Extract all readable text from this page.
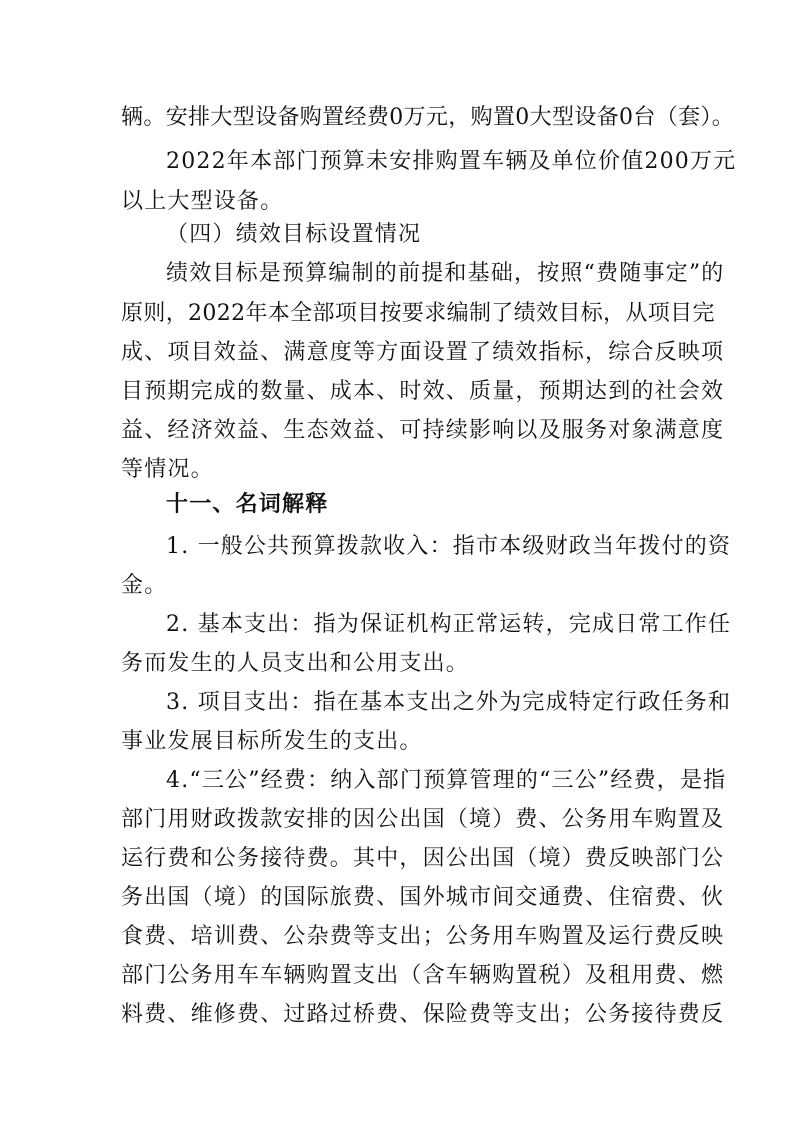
辆。安排大型设备购置经费0万元，购置0大型设备0台（套）。
2022年本部门预算未安排购置车辆及单位价值200万元
以上大型设备。
（四）绩效目标设置情况
绩效目标是预算编制的前提和基础，按照“费随事定”的
原则，2022年本全部项目按要求编制了绩效目标，从项目完
成、项目效益、满意度等方面设置了绩效指标，综合反映项
目预期完成的数量、成本、时效、质量，预期达到的社会效
益、经济效益、生态效益、可持续影响以及服务对象满意度
等情况。
十一、名词解释
1. 一般公共预算拨款收入：指市本级财政当年拨付的资
金。
2. 基本支出：指为保证机构正常运转，完成日常工作任
务而发生的人员支出和公用支出。
3. 项目支出：指在基本支出之外为完成特定行政任务和
事业发展目标所发生的支出。
4.“三公”经费：纳入部门预算管理的“三公”经费，是指
部门用财政拨款安排的因公出国（境）费、公务用车购置及
运行费和公务接待费。其中，因公出国（境）费反映部门公
务出国（境）的国际旅费、国外城市间交通费、住宿费、伙
食费、培训费、公杂费等支出；公务用车购置及运行费反映
部门公务用车车辆购置支出（含车辆购置税）及租用费、燃
料费、维修费、过路过桥费、保险费等支出；公务接待费反
